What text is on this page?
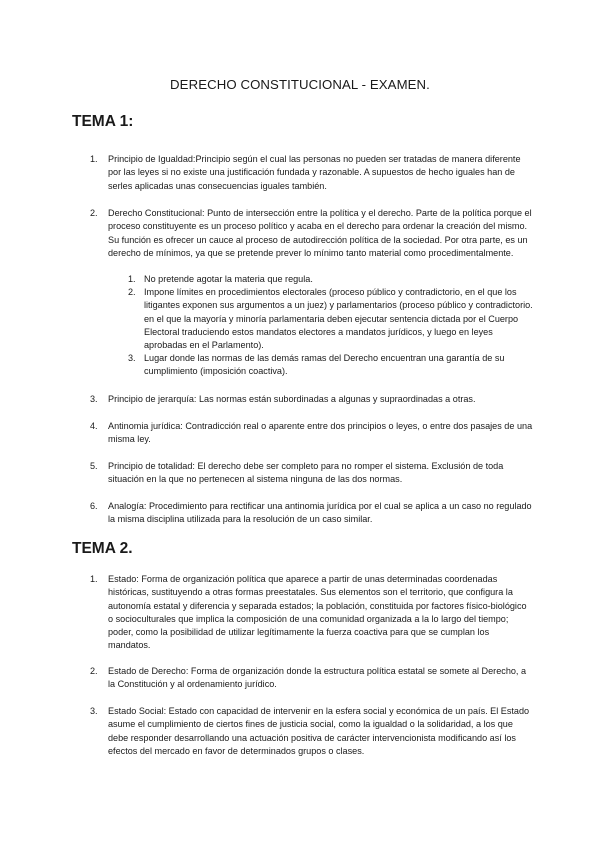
DERECHO CONSTITUCIONAL - EXAMEN.
TEMA 1:
1. Principio de Igualdad:Principio según el cual las personas no pueden ser tratadas de manera diferente por las leyes si no existe una justificación fundada y razonable. A supuestos de hecho iguales han de serles aplicadas unas consecuencias iguales también.
2. Derecho Constitucional: Punto de intersección entre la política y el derecho. Parte de la política porque el proceso constituyente es un proceso político y acaba en el derecho para ordenar la creación del mismo. Su función es ofrecer un cauce al proceso de autodirección política de la sociedad. Por otra parte, es un derecho de mínimos, ya que se pretende prever lo mínimo tanto material como procedimentalmente.
1. No pretende agotar la materia que regula.
2. Impone límites en procedimientos electorales (proceso público y contradictorio, en el que los litigantes exponen sus argumentos a un juez) y parlamentarios (proceso público y contradictorio. en el que la mayoría y minoría parlamentaria deben ejecutar sentencia dictada por el Cuerpo Electoral traduciendo estos mandatos electores a mandatos jurídicos, y luego en leyes aprobadas en el Parlamento).
3. Lugar donde las normas de las demás ramas del Derecho encuentran una garantía de su cumplimiento (imposición coactiva).
3. Principio de jerarquía: Las normas están subordinadas a algunas y supraordinadas a otras.
4. Antinomia jurídica: Contradicción real o aparente entre dos principios o leyes, o entre dos pasajes de una misma ley.
5. Principio de totalidad: El derecho debe ser completo para no romper el sistema. Exclusión de toda situación en la que no pertenecen al sistema ninguna de las dos normas.
6. Analogía: Procedimiento para rectificar una antinomia jurídica por el cual se aplica a un caso no regulado la misma disciplina utilizada para la resolución de un caso similar.
TEMA 2.
1. Estado: Forma de organización política que aparece a partir de unas determinadas coordenadas históricas, sustituyendo a otras formas preestatales. Sus elementos son el territorio, que configura la autonomía estatal y diferencia y separada estados; la población, constituida por factores físico-biológico o socioculturales que implica la composición de una comunidad organizada a la lo largo del tiempo; poder, como la posibilidad de utilizar legítimamente la fuerza coactiva para que se cumplan los mandatos.
2. Estado de Derecho: Forma de organización donde la estructura política estatal se somete al Derecho, a la Constitución y al ordenamiento jurídico.
3. Estado Social: Estado con capacidad de intervenir en la esfera social y económica de un país. El Estado asume el cumplimiento de ciertos fines de justicia social, como la igualdad o la solidaridad, a los que debe responder desarrollando una actuación positiva de carácter intervencionista modificando así los efectos del mercado en favor de determinados grupos o clases.
